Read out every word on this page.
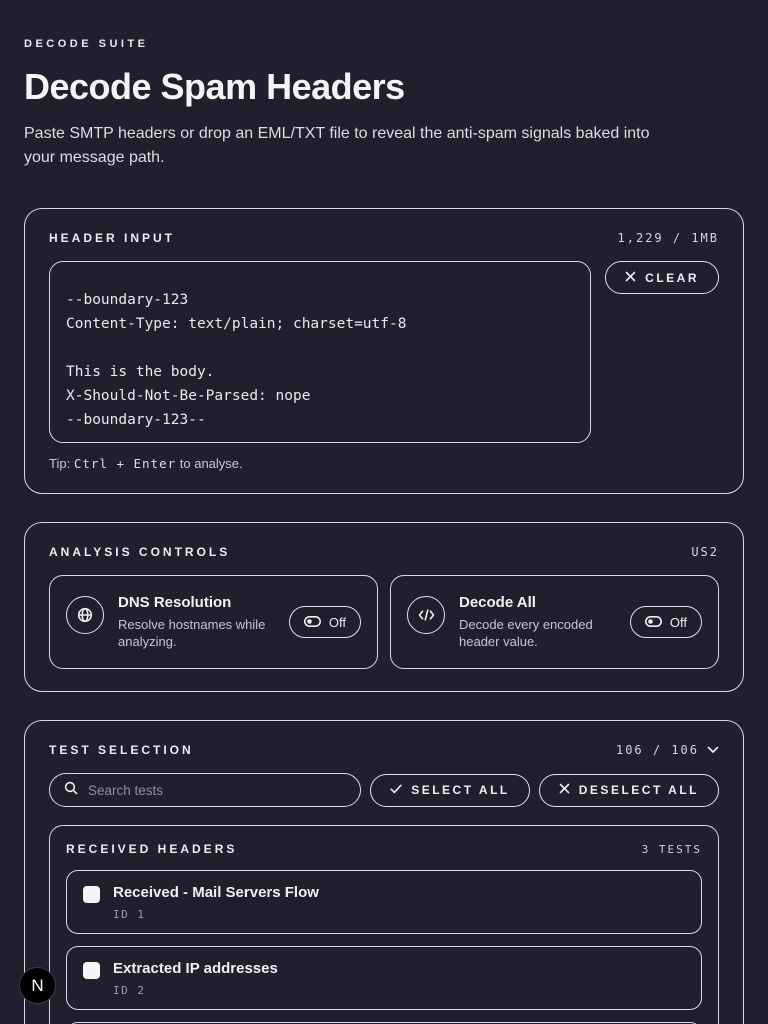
DECODE SUITE
Decode Spam Headers

Paste SMTP headers or drop an EML/TXT file to reveal the anti-spam signals baked into your message path.

HEADER INPUT	1,229 / 1MB
X-MS-Exchange-Organization-SCL: 1 --boundary-123 Content-Type: text/plain; charset=utf-8 This is the body. X-Should-Not-Be-Parsed: nope --boundary-123--
CLEAR
Tip: Ctrl + Enter to analyse.
ANALYSIS CONTROLS	US2
DNS Resolution
Resolve hostnames while analyzing.
Off
Decode All
Decode every encoded header value.
Off
TEST SELECTION	106 / 106
Search tests
SELECT ALL	DESELECT ALL
RECEIVED HEADERS	3 TESTS
Received - Mail Servers Flow
ID 1
Extracted IP addresses
ID 2
N
